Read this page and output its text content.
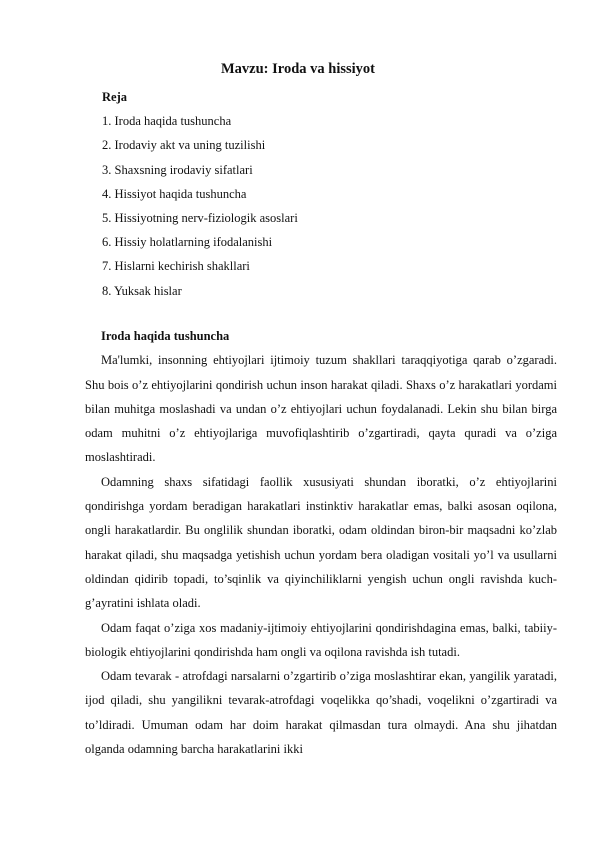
Mavzu: Iroda va hissiyot
Reja
1. Iroda haqida tushuncha
2. Irodaviy akt va uning tuzilishi
3. Shaxsning irodaviy sifatlari
4. Hissiyot haqida tushuncha
5. Hissiyotning nerv-fiziologik asoslari
6. Hissiy holatlarning ifodalanishi
7. Hislarni kechirish shakllari
8. Yuksak hislar
Iroda haqida tushuncha

Ma'lumki, insonning ehtiyojlari ijtimoiy tuzum shakllari taraqqiyotiga qarab o’zgaradi. Shu bois o’z ehtiyojlarini qondirish uchun inson harakat qiladi. Shaxs o’z harakatlari yordami bilan muhitga moslashadi va undan o’z ehtiyojlari uchun foydalanadi. Lekin shu bilan birga odam muhitni o’z ehtiyojlariga muvofiqlashtirib o’zgartiradi, qayta quradi va o’ziga moslashtiradi.

Odamning shaxs sifatidagi faollik xususiyati shundan iboratki, o’z ehtiyojlarini qondirishga yordam beradigan harakatlari instinktiv harakatlar emas, balki asosan oqilona, ongli harakatlardir. Bu onglilik shundan iboratki, odam oldindan biron-bir maqsadni ko’zlab harakat qiladi, shu maqsadga yetishish uchun yordam bera oladigan vositali yo’l va usullarni oldindan qidirib topadi, to’sqinlik va qiyinchiliklarni yengish uchun ongli ravishda kuch-g’ayratini ishlata oladi.

Odam faqat o’ziga xos madaniy-ijtimoiy ehtiyojlarini qondirishdagina emas, balki, tabiiy-biologik ehtiyojlarini qondirishda ham ongli va oqilona ravishda ish tutadi.

Odam tevarak - atrofdagi narsalarni o’zgartirib o’ziga moslashtirar ekan, yangilik yaratadi, ijod qiladi, shu yangilikni tevarak-atrofdagi voqelikka qo’shadi, voqelikni o’zgartiradi va to’ldiradi. Umuman odam har doim harakat qilmasdan tura olmaydi. Ana shu jihatdan olganda odamning barcha harakatlarini ikki
